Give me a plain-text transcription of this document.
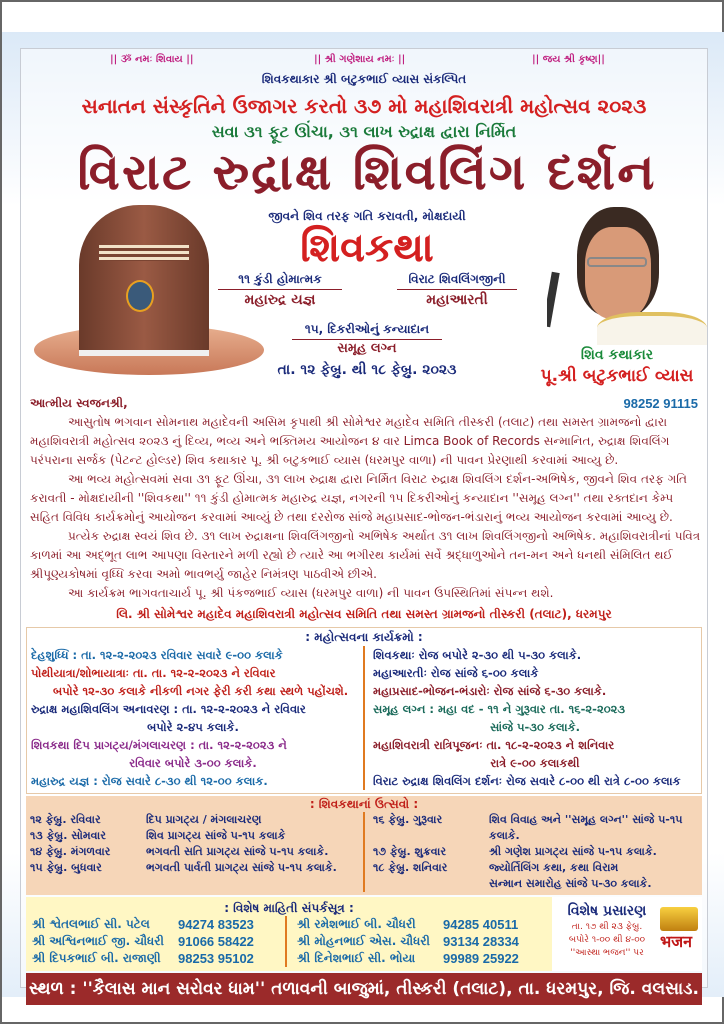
|| ૐ નમઃ શિવાય ||	|| શ્રી ગણેશાય નમઃ ||	|| જય શ્રી કૃષ્ણ||
શિવકથાકાર શ્રી બટુકભાઈ વ્યાસ સંકલ્પિત
સનાતન સંસ્કૃતિને ઉજાગર કરતો ૩૭ મો મહાશિવરાત્રી મહોત્સવ ૨૦૨૩
સવા ૩૧ ફૂટ ઊંચા, ૩૧ લાખ રુદ્રાક્ષ દ્વારા નિર્મિત
વિરાટ રુદ્રાક્ષ શિવલિંગ દર્શન
જીવને શિવ તરફ ગતિ કરાવતી, મોક્ષદાયી
શિવકથા
૧૧ કુંડી હોમાત્મક
મહારુદ્ર યજ્ઞ
વિરાટ શિવલિંગજીની
મહાઆરતી
૧૫, દિકરીઓનું કન્યાદાન
સમૂહ લગ્ન
તા. ૧૨ ફેબ્રુ. થી ૧૮ ફેબ્રુ. ૨૦૨૩
શિવ કથાકાર
પૂ.શ્રી બટુકભાઈ વ્યાસ
આત્મીય સ્વજનશ્રી,	98252 91115

આસુતોષ ભગવાન સોમનાથ મહાદેવની અસિમ કૃપાથી શ્રી સોમેશ્વર મહાદેવ સમિતિ તીસ્કરી (તલાટ) તથા સમસ્ત ગ્રામજનો દ્વારા મહાશિવરાત્રી મહોત્સવ ૨૦૨૩ નું દિવ્ય, ભવ્ય અને ભક્તિમય આયોજન ૪ વાર Limca Book of Records સન્માનિત, રુદ્રાક્ષ શિવલિંગ પરંપરાના સર્જક (પેટન્ટ હોલ્ડર) શિવ કથાકાર પૂ. શ્રી બટુકભાઈ વ્યાસ (ધરમપુર વાળા) ની પાવન પ્રેરણાથી કરવામાં આવ્યુ છે.

આ ભવ્ય મહોત્સવમાં સવા ૩૧ ફૂટ ઊંચા, ૩૧ લાખ રુદ્રાક્ષ દ્વારા નિર્મિત વિરાટ રુદ્રાક્ષ શિવલિંગ દર્શન-અભિષેક, જીવને શિવ તરફ ગતિ કરાવતી - મોક્ષદાયીની ''શિવકથા'' ૧૧ કુંડી હોમાત્મક મહારુદ્ર યજ્ઞ, નગરની ૧૫ દિકરીઓનું કન્યાદાન ''સમૂહ લગ્ન'' તથા રક્તદાન કેમ્પ સહિત વિવિધ કાર્યક્રમોનું આયોજન કરવામાં આવ્યું છે તથા દરરોજ સાંજે મહાપ્રસાદ-ભોજન-ભંડારાનું ભવ્ય આયોજન કરવામાં આવ્યુ છે.

પ્રત્યેક રુદ્રાક્ષ સ્વયં શિવ છે. ૩૧ લાખ રુદ્રાક્ષના શિવલિંગજીનો અભિષેક અર્થાત ૩૧ લાખ શિવલિંગજીનો અભિષેક. મહાશિવરાત્રીનાં પવિત્ર કાળમાં આ અદ્ભૂત લાભ આપણા વિસ્તારને મળી રહ્યો છે ત્યારે આ ભગીરથ કાર્યમાં સર્વે શ્રદ્ધાળુઓને તન-મન અને ધનથી સંમિલિત થઈ શ્રીપૂણ્યકોષમાં વૃધ્ધિ કરવા અમો ભાવભર્યુ જાહેર નિમંત્રણ પાઠવીએ છીએ.

આ કાર્યક્રમ ભાગવતાચાર્ય પૂ. શ્રી પંકજભાઈ વ્યાસ (ધરમપુર વાળા) ની પાવન ઉપસ્થિતિમાં સંપન્ન થશે.

લિ. શ્રી સોમેશ્વર મહાદેવ મહાશિવરાત્રી મહોત્સવ સમિતિ તથા સમસ્ત ગ્રામજનો તીસ્કરી (તલાટ), ધરમપુર
: મહોત્સવના કાર્યક્રમો :
દેહશુધ્ધિ : તા. ૧૨-૨-૨૦૨૩ રવિવાર સવારે ૯-૦૦ કલાકે
પોથીયાત્રા/શોભાયાત્રાઃ તા. તા. ૧૨-૨-૨૦૨૩ ને રવિવાર
બપોરે ૧૨-૩૦ કલાકે નીકળી નગર ફેરી કરી કથા સ્થળે પહોંચશે.
રુદ્રાક્ષ મહાશિવલિંગ અનાવરણ : તા. ૧૨-૨-૨૦૨૩ ને રવિવાર
બપોરે ૨-૪૫ કલાકે.
શિવકથા દિપ પ્રાગટ્ય/મંગલાચરણ : તા. ૧૨-૨-૨૦૨૩ ને
રવિવાર બપોરે ૩-૦૦ કલાકે.
મહારુદ્ર યજ્ઞ : રોજ સવારે ૮-૩૦ થી ૧૨-૦૦ કલાક.
શિવકથાઃ રોજ બપોરે ૨-૩૦ થી ૫-૩૦ કલાકે.
મહાઆરતીઃ રોજ સાંજે ૬-૦૦ કલાકે
મહાપ્રસાદ-ભોજન-ભંડારોઃ રોજ સાંજે ૬-૩૦ કલાકે.
સમૂહ લગ્ન : મહા વદ - ૧૧ ને ગુરૂવાર તા. ૧૬-૨-૨૦૨૩
સાંજે ૫-૩૦ કલાકે.
મહાશિવરાત્રી રાત્રિપૂજનઃ તા. ૧૮-૨-૨૦૨૩ ને શનિવાર
રાત્રે ૯-૦૦ કલાકથી
વિરાટ રુદ્રાક્ષ શિવલિંગ દર્શનઃ રોજ સવારે ૮-૦૦ થી રાત્રે ૮-૦૦ કલાક
: શિવકથાનાં ઉત્સવો :
૧૨ ફેબ્રુ. રવિવાર	દિપ પ્રાગટ્ય / મંગલાચરણ
૧૩ ફેબ્રુ. સોમવાર	શિવ પ્રાગટ્ય સાંજે ૫-૧૫ કલાકે
૧૪ ફેબ્રુ. મંગળવાર	ભગવતી સતિ પ્રાગટ્ય સાંજે ૫-૧૫ કલાકે.
૧૫ ફેબ્રુ. બુધવાર	ભગવતી પાર્વતી પ્રાગટ્ય સાંજે ૫-૧૫ કલાકે.
૧૬ ફેબ્રુ. ગુરૂવાર	શિવ વિવાહ અને ''સમૂહ લગ્ન'' સાંજે ૫-૧૫ કલાકે.
૧૭ ફેબ્રુ. શુક્રવાર	શ્રી ગણેશ પ્રાગટ્ય સાંજે ૫-૧૫ કલાકે.
૧૮ ફેબ્રુ. શનિવાર	જ્યોર્તિલિંગ કથા, કથા વિરામ
સન્માન સમારોહ સાંજે ૫-૩૦ કલાકે.
: વિશેષ માહિતી સંપર્કસૂત્ર :
શ્રી શ્વેતલભાઈ સી. પટેલ	94274 83523
શ્રી અશ્વિનભાઈ જી. ચૌધરી	91066 58422
શ્રી દિપકભાઈ બી. રાજાણી	98253 95102
શ્રી રમેશભાઈ બી. ચૌધરી	94285 40511
શ્રી મોહનભાઈ એસ. ચૌધરી	93134 28334
શ્રી દિનેશભાઈ સી. ભોયા	99989 25922
વિશેષ પ્રસારણ
તા. ૧૭ થી ૨૩ ફેબ્રુ.
બપોરે ૧-૦૦ થી ૪-૦૦
''આસ્થા ભજન'' પર
भजन
સ્થળ : ''કૈલાસ માન સરોવર ધામ'' તળાવની બાજુમાં, તીસ્કરી (તલાટ), તા. ધરમપુર, જિ. વલસાડ.
